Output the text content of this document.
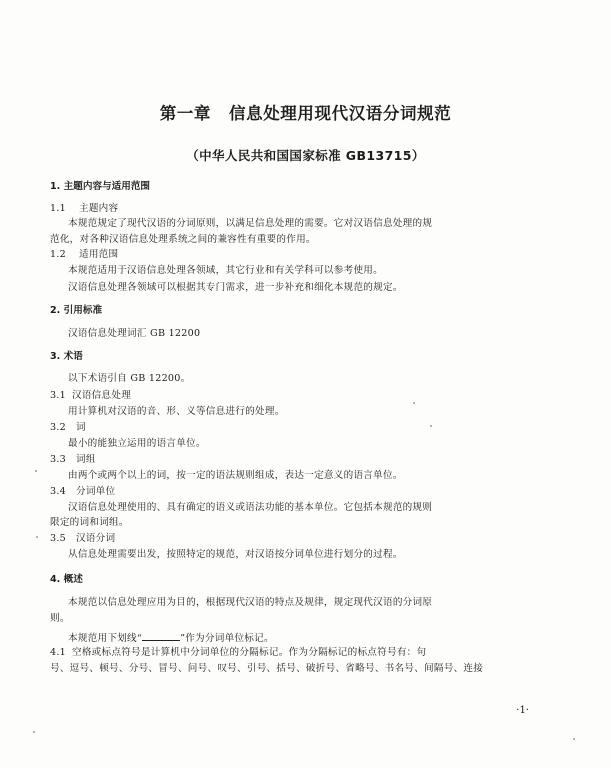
第一章 信息处理用现代汉语分词规范
（中华人民共和国国家标准 GB13715）
1. 主题内容与适用范围
1.1 主题内容
本规范规定了现代汉语的分词原则，以满足信息处理的需要。它对汉语信息处理的规
范化，对各种汉语信息处理系统之间的兼容性有重要的作用。
1.2 适用范围
本规范适用于汉语信息处理各领域，其它行业和有关学科可以参考使用。
汉语信息处理各领域可以根据其专门需求，进一步补充和细化本规范的规定。
2. 引用标准
汉语信息处理词汇 GB 12200
3. 术语
以下术语引自 GB 12200。
3.1 汉语信息处理
用计算机对汉语的音、形、义等信息进行的处理。
3.2 词
最小的能独立运用的语言单位。
3.3 词组
由两个或两个以上的词，按一定的语法规则组成，表达一定意义的语言单位。
3.4 分词单位
汉语信息处理使用的、具有确定的语义或语法功能的基本单位。它包括本规范的规则
限定的词和词组。
3.5 汉语分词
从信息处理需要出发，按照特定的规范，对汉语按分词单位进行划分的过程。
4. 概述
本规范以信息处理应用为目的，根据现代汉语的特点及规律，规定现代汉语的分词原
则。
本规范用下划线“	”作为分词单位标记。
4.1 空格或标点符号是计算机中分词单位的分隔标记。作为分隔标记的标点符号有：句
号、逗号、顿号、分号、冒号、问号、叹号、引号、括号、破折号、省略号、书名号、间隔号、连接
·1·
